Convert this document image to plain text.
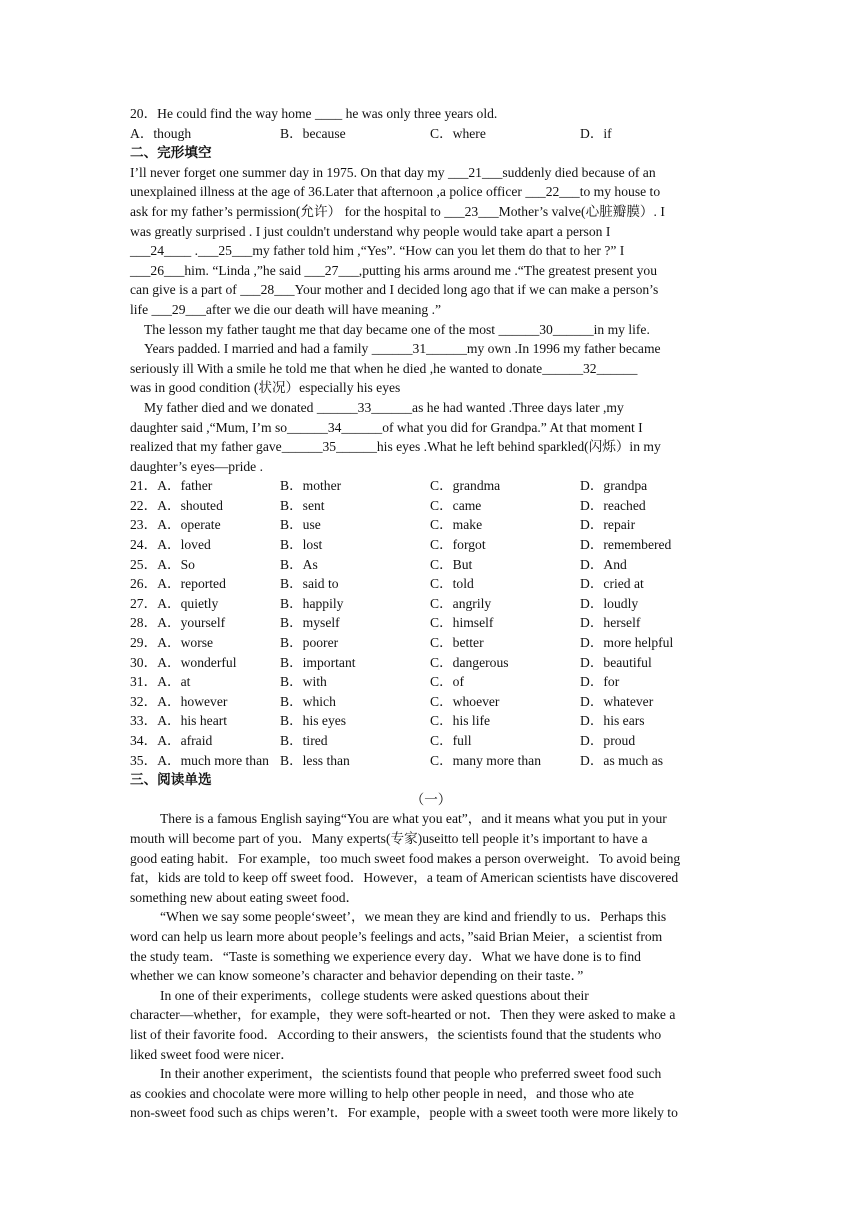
20．He could find the way home ____ he was only three years old.
A．though	B．because	C．where	D．if
二、完形填空
I’ll never forget one summer day in 1975. On that day my ___21___suddenly died because of an
unexplained illness at the age of 36.Later that afternoon ,a police officer ___22___to my house to
ask for my father’s permission(允许） for the hospital to ___23___Mother’s valve(心脏瓣膜）. I
was greatly surprised . I just couldn't understand why people would take apart a person I
___24____ .___25___my father told him ,“Yes”. “How can you let them do that to her ?” I
___26___him. “Linda ,”he said ___27___,putting his arms around me .“The greatest present you
can give is a part of ___28___Your mother and I decided long ago that if we can make a person’s
life ___29___after we die our death will have meaning .”
The lesson my father taught me that day became one of the most ______30______in my life.
Years padded. I married and had a family ______31______my own .In 1996 my father became
seriously ill With a smile he told me that when he died ,he wanted to donate______32______
was in good condition (状况）especially his eyes
My father died and we donated ______33______as he had wanted .Three days later ,my
daughter said ,“Mum, I’m so______34______of what you did for Grandpa.” At that moment I
realized that my father gave______35______his eyes .What he left behind sparkled(闪烁）in my
daughter’s eyes—pride .
21．A．father	B．mother	C．grandma	D．grandpa
22．A．shouted	B．sent	C．came	D．reached
23．A．operate	B．use	C．make	D．repair
24．A．loved	B．lost	C．forgot	D．remembered
25．A．So	B．As	C．But	D．And
26．A．reported	B．said to	C．told	D．cried at
27．A．quietly	B．happily	C．angrily	D．loudly
28．A．yourself	B．myself	C．himself	D．herself
29．A．worse	B．poorer	C．better	D．more helpful
30．A．wonderful	B．important	C．dangerous	D．beautiful
31．A．at	B．with	C．of	D．for
32．A．however	B．which	C．whoever	D．whatever
33．A．his heart	B．his eyes	C．his life	D．his ears
34．A．afraid	B．tired	C．full	D．proud
35．A．much more than B．less than	C．many more than	D．as much as
三、阅读单选
（一）
There is a famous English saying“You are what you eat”，and it means what you put in your
mouth will become part of you．Many experts(专家)useitto tell people it’s important to have a
good eating habit．For example，too much sweet food makes a person overweight．To avoid being
fat，kids are told to keep off sweet food．However，a team of American scientists have discovered
something new about eating sweet food．
“When we say some people‘sweet’，we mean they are kind and friendly to us．Perhaps this
word can help us learn more about people’s feelings and acts，”said Brian Meier，a scientist from
the study team．“Taste is something we experience every day．What we have done is to find
whether we can know someone’s character and behavior depending on their taste．”
In one of their experiments，college students were asked questions about their
character—whether，for example，they were soft-hearted or not．Then they were asked to make a
list of their favorite food．According to their answers，the scientists found that the students who
liked sweet food were nicer．
In their another experiment，the scientists found that people who preferred sweet food such
as cookies and chocolate were more willing to help other people in need，and those who ate
non-sweet food such as chips weren’t．For example，people with a sweet tooth were more likely to
